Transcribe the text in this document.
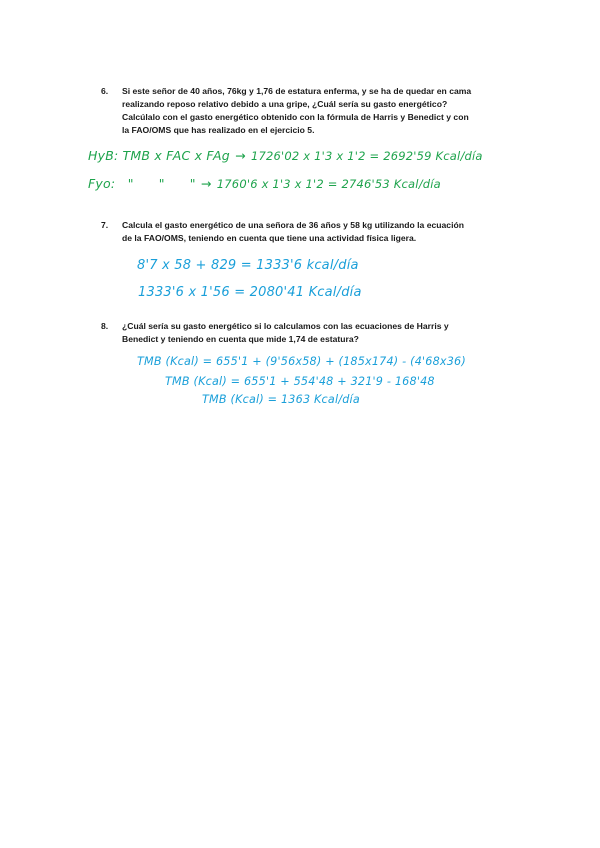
6. Si este señor de 40 años, 76kg y 1,76 de estatura enferma, y se ha de quedar en cama
realizando reposo relativo debido a una gripe, ¿Cuál sería su gasto energético?
Calcúlalo con el gasto energético obtenido con la fórmula de Harris y Benedict y con
la FAO/OMS que has realizado en el ejercicio 5.
HyB: TMB x FAC x FAg → 1726'02 x 1'3 x 1'2 = 2692'59 Kcal/día
Fyo:   "      "      " → 1760'6 x 1'3 x 1'2 = 2746'53 Kcal/día
7. Calcula el gasto energético de una señora de 36 años y 58 kg utilizando la ecuación
de la FAO/OMS, teniendo en cuenta que tiene una actividad física ligera.
8'7 x 58 + 829 = 1333'6 kcal/día
1333'6 x 1'56 = 2080'41 Kcal/día
8. ¿Cuál sería su gasto energético si lo calculamos con las ecuaciones de Harris y
Benedict y teniendo en cuenta que mide 1,74 de estatura?
TMB (Kcal) = 655'1 + (9'56x58) + (185x174) - (4'68x36)
TMB (Kcal) = 655'1 + 554'48 + 321'9 - 168'48
TMB (Kcal) = 1363 Kcal/día
